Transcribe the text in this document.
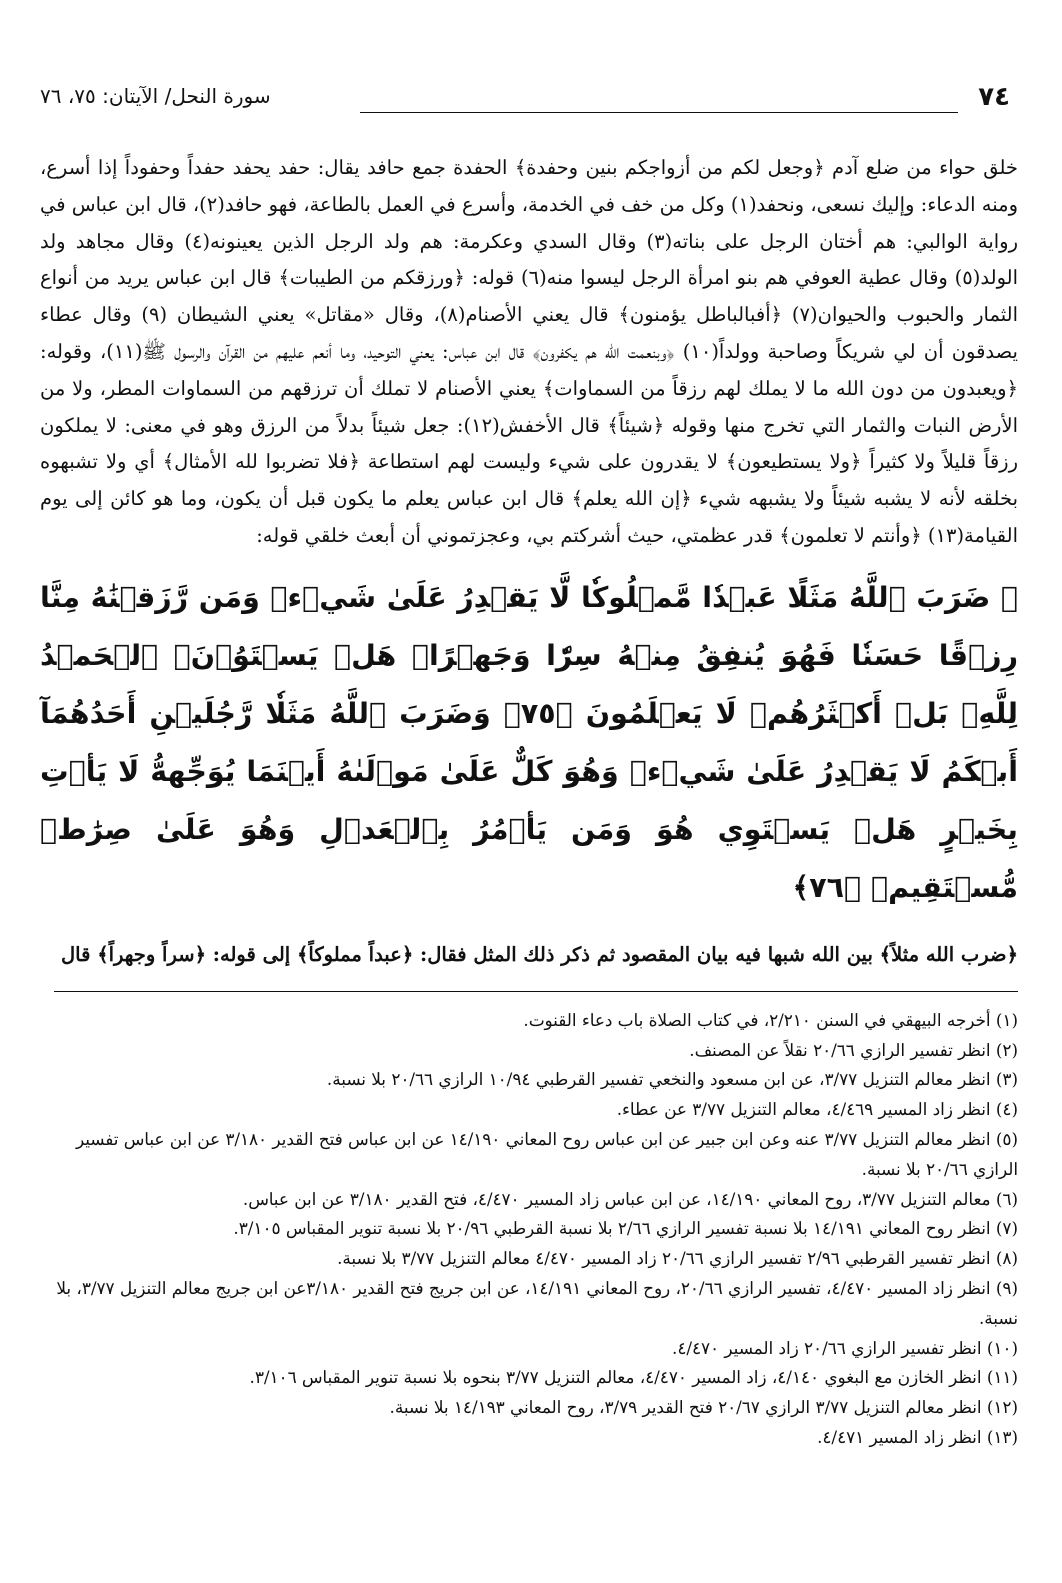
٧٤
سورة النحل/ الآيتان: ٧٥، ٧٦

خلق حواء من ضلع آدم ﴿وجعل لكم من أزواجكم بنين وحفدة﴾ الحفدة جمع حافد يقال: حفد يحفد حفداً وحفوداً إذا أسرع، ومنه الدعاء: وإليك نسعى، ونحفد(١) وكل من خف في الخدمة، وأسرع في العمل بالطاعة، فهو حافد(٢)، قال ابن عباس في رواية الوالبي: هم أختان الرجل على بناته(٣) وقال السدي وعكرمة: هم ولد الرجل الذين يعينونه(٤) وقال مجاهد ولد الولد(٥) وقال عطية العوفي هم بنو امرأة الرجل ليسوا منه(٦) قوله: ﴿ورزقكم من الطيبات﴾ قال ابن عباس يريد من أنواع الثمار والحبوب والحيوان(٧) ﴿أفبالباطل يؤمنون﴾ قال يعني الأصنام(٨)، وقال «مقاتل» يعني الشيطان (٩) وقال عطاء يصدقون أن لي شريكاً وصاحبة وولداً(١٠) ﴿وبنعمت الله هم يكفرون﴾ قال ابن عباس: يعني التوحيد، وما أنعم عليهم من القرآن والرسول ﷺ(١١)، وقوله: ﴿ويعبدون من دون الله ما لا يملك لهم رزقاً من السماوات﴾ يعني الأصنام لا تملك أن ترزقهم من السماوات المطر، ولا من الأرض النبات والثمار التي تخرج منها وقوله ﴿شيئاً﴾ قال الأخفش(١٢): جعل شيئاً بدلاً من الرزق وهو في معنى: لا يملكون رزقاً قليلاً ولا كثيراً ﴿ولا يستطيعون﴾ لا يقدرون على شيء وليست لهم استطاعة ﴿فلا تضربوا لله الأمثال﴾ أي ولا تشبهوه بخلقه لأنه لا يشبه شيئاً ولا يشبهه شيء ﴿إن الله يعلم﴾ قال ابن عباس يعلم ما يكون قبل أن يكون، وما هو كائن إلى يوم القيامة(١٣) ﴿وأنتم لا تعلمون﴾ قدر عظمتي، حيث أشركتم بي، وعجزتموني أن أبعث خلقي قوله:

۞ ضَرَبَ ٱللَّهُ مَثَلًا عَبۡدٗا مَّمۡلُوكٗا لَّا يَقۡدِرُ عَلَىٰ شَيۡءٖ وَمَن رَّزَقۡنَٰهُ مِنَّا رِزۡقًا حَسَنٗا فَهُوَ يُنفِقُ مِنۡهُ سِرّٗا وَجَهۡرًاۖ هَلۡ يَسۡتَوُۥنَۚ ٱلۡحَمۡدُ لِلَّهِۚ بَلۡ أَكۡثَرُهُمۡ لَا يَعۡلَمُونَ ﴿٧٥﴾ وَضَرَبَ ٱللَّهُ مَثَلٗا رَّجُلَيۡنِ أَحَدُهُمَآ أَبۡكَمُ لَا يَقۡدِرُ عَلَىٰ شَيۡءٖ وَهُوَ كَلٌّ عَلَىٰ مَوۡلَىٰهُ أَيۡنَمَا يُوَجِّههُّ لَا يَأۡتِ بِخَيۡرٍ هَلۡ يَسۡتَوِي هُوَ وَمَن يَأۡمُرُ بِٱلۡعَدۡلِ وَهُوَ عَلَىٰ صِرَٰطٖ مُّسۡتَقِيمٖ ﴿٧٦﴾
﴿ضرب الله مثلاً﴾ بين الله شبها فيه بيان المقصود ثم ذكر ذلك المثل فقال: ﴿عبداً مملوكاً﴾ إلى قوله: ﴿سراً وجهراً﴾ قال

(١) أخرجه البيهقي في السنن ٢/٢١٠، في كتاب الصلاة باب دعاء القنوت.

(٢) انظر تفسير الرازي ٢٠/٦٦ نقلاً عن المصنف.

(٣) انظر معالم التنزيل ٣/٧٧، عن ابن مسعود والنخعي تفسير القرطبي ١٠/٩٤ الرازي ٢٠/٦٦ بلا نسبة.

(٤) انظر زاد المسير ٤/٤٦٩، معالم التنزيل ٣/٧٧ عن عطاء.

(٥) انظر معالم التنزيل ٣/٧٧ عنه وعن ابن جبير عن ابن عباس روح المعاني ١٤/١٩٠ عن ابن عباس فتح القدير ٣/١٨٠ عن ابن عباس تفسير الرازي ٢٠/٦٦ بلا نسبة.

(٦) معالم التنزيل ٣/٧٧، روح المعاني ١٤/١٩٠، عن ابن عباس زاد المسير ٤/٤٧٠، فتح القدير ٣/١٨٠ عن ابن عباس.

(٧) انظر روح المعاني ١٤/١٩١ بلا نسبة تفسير الرازي ٢/٦٦ بلا نسبة القرطبي ٢٠/٩٦ بلا نسبة تنوير المقباس ٣/١٠٥.

(٨) انظر تفسير القرطبي ٢/٩٦ تفسير الرازي ٢٠/٦٦ زاد المسير ٤/٤٧٠ معالم التنزيل ٣/٧٧ بلا نسبة.

(٩) انظر زاد المسير ٤/٤٧٠، تفسير الرازي ٢٠/٦٦، روح المعاني ١٤/١٩١، عن ابن جريج فتح القدير ٣/١٨٠عن ابن جريج معالم التنزيل ٣/٧٧، بلا نسبة.

(١٠) انظر تفسير الرازي ٢٠/٦٦ زاد المسير ٤/٤٧٠.

(١١) انظر الخازن مع البغوي ٤/١٤٠، زاد المسير ٤/٤٧٠، معالم التنزيل ٣/٧٧ بنحوه بلا نسبة تنوير المقباس ٣/١٠٦.

(١٢) انظر معالم التنزيل ٣/٧٧ الرازي ٢٠/٦٧ فتح القدير ٣/٧٩، روح المعاني ١٤/١٩٣ بلا نسبة.

(١٣) انظر زاد المسير ٤/٤٧١.
